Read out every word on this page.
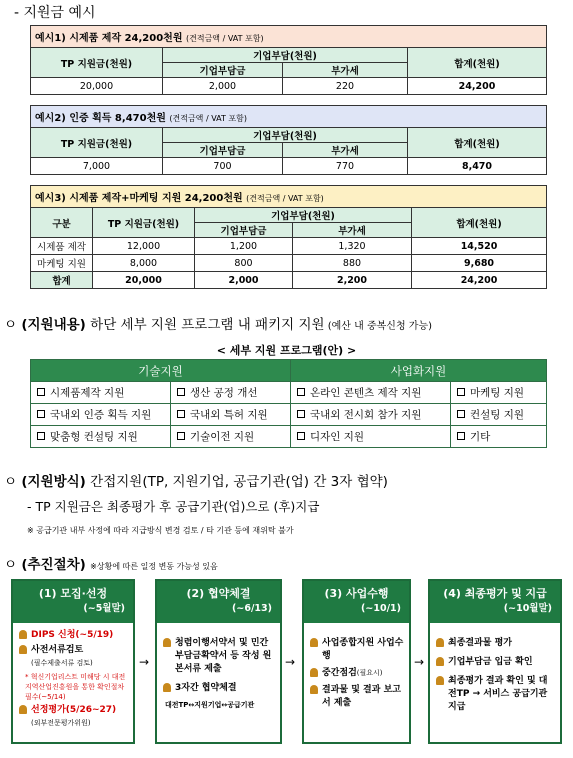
- 지원금 예시
예시1) 시제품 제작 24,200천원 (견적금액 / VAT 포함)			
TP 지원금(천원)	기업부담(천원)		합계(천원)
	기업부담금	부가세	
20,000	2,000	220	24,200
예시2) 인증 획득 8,470천원 (견적금액 / VAT 포함)			
TP 지원금(천원)	기업부담(천원)		합계(천원)
	기업부담금	부가세	
7,000	700	770	8,470
예시3) 시제품 제작+마케팅 지원 24,200천원 (견적금액 / VAT 포함)				
구분	TP 지원금(천원)	기업부담(천원)		합계(천원)
		기업부담금	부가세	
시제품 제작	12,000	1,200	1,320	14,520
마케팅 지원	8,000	800	880	9,680
합계	20,000	2,000	2,200	24,200
ㅇ (지원내용) 하단 세부 지원 프로그램 내 패키지 지원 (예산 내 중복신청 가능)
< 세부 지원 프로그램(안) >
기술지원		사업화지원	
시제품제작 지원	생산 공정 개선	온라인 콘텐츠 제작 지원	마케팅 지원
국내외 인증 획득 지원	국내외 특허 지원	국내외 전시회 참가 지원	컨설팅 지원
맞춤형 컨설팅 지원	기술이전 지원	디자인 지원	기타
ㅇ (지원방식) 간접지원(TP, 지원기업, 공급기관(업) 간 3자 협약)
- TP 지원금은 최종평가 후 공급기관(업)으로 (후)지급
※ 공급기관 내부 사정에 따라 지급방식 변경 검토 / 타 기관 등에 재위탁 불가
ㅇ (추진절차) ※상황에 따른 일정 변동 가능성 있음
(1) 모집·선정
(~5월말)
DIPS 신청(~5/19)
사전서류검토
(필수제출서류 검토)
* 혁신기업리스트 미해당 시 대전지역산업진흥원을 통한 확인절차 필수(~5/14)
선정평가(5/26~27)
(외부전문평가위원)
→
(2) 협약체결
(~6/13)
청렴이행서약서 및 민간부담금확약서 등 작성 원본서류 제출
3자간 협약체결
대전TP↔지원기업↔공급기관
→
(3) 사업수행
(~10/1)
사업종합지원 사업수행
중간점검(필요시)
결과물 및 결과 보고서 제출
→
(4) 최종평가 및 지급
(~10월말)
최종결과물 평가
기업부담금 입금 확인
최종평가 결과 확인 및 대전TP → 서비스 공급기관 지급
